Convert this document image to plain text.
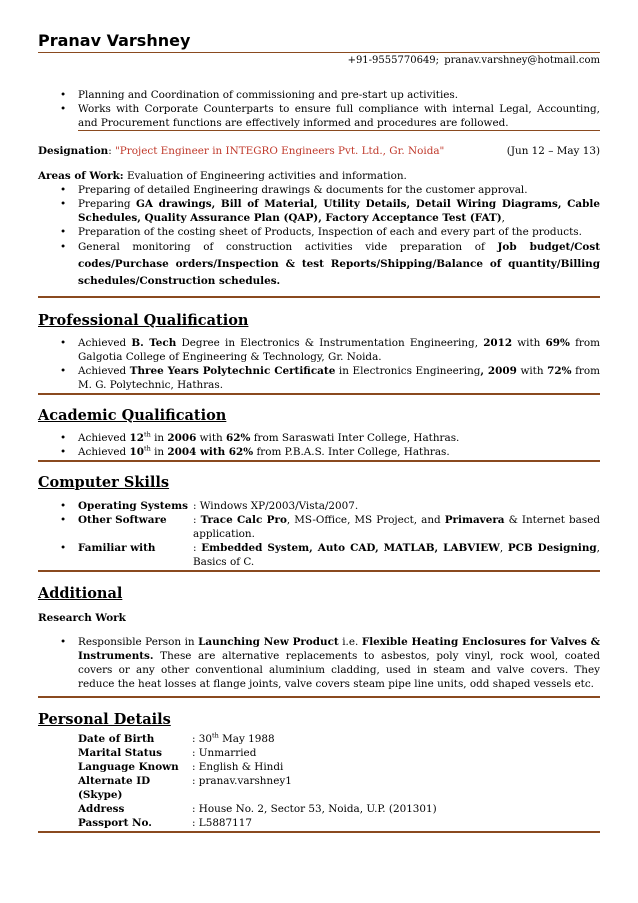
Pranav Varshney
+91-9555770649; pranav.varshney@hotmail.com
• Planning and Coordination of commissioning and pre-start up activities.
• Works with Corporate Counterparts to ensure full compliance with internal Legal, Accounting, and Procurement functions are effectively informed and procedures are followed.
Designation: "Project Engineer in INTEGRO Engineers Pvt. Ltd., Gr. Noida"	(Jun 12 – May 13)
Areas of Work: Evaluation of Engineering activities and information.
• Preparing of detailed Engineering drawings & documents for the customer approval.
• Preparing GA drawings, Bill of Material, Utility Details, Detail Wiring Diagrams, Cable Schedules, Quality Assurance Plan (QAP), Factory Acceptance Test (FAT),
• Preparation of the costing sheet of Products, Inspection of each and every part of the products.
• General monitoring of construction activities vide preparation of Job budget/Cost codes/Purchase orders/Inspection & test Reports/Shipping/Balance of quantity/Billing schedules/Construction schedules.
Professional Qualification
• Achieved B. Tech Degree in Electronics & Instrumentation Engineering, 2012 with 69% from Galgotia College of Engineering & Technology, Gr. Noida.
• Achieved Three Years Polytechnic Certificate in Electronics Engineering, 2009 with 72% from M. G. Polytechnic, Hathras.
Academic Qualification
• Achieved 12th in 2006 with 62% from Saraswati Inter College, Hathras.
• Achieved 10th in 2004 with 62% from P.B.A.S. Inter College, Hathras.
Computer Skills
• Operating Systems : Windows XP/2003/Vista/2007.
• Other Software	: Trace Calc Pro, MS-Office, MS Project, and Primavera & Internet based application.
• Familiar with	: Embedded System, Auto CAD, MATLAB, LABVIEW, PCB Designing, Basics of C.
Additional
Research Work
• Responsible Person in Launching New Product i.e. Flexible Heating Enclosures for Valves & Instruments. These are alternative replacements to asbestos, poly vinyl, rock wool, coated covers or any other conventional aluminium cladding, used in steam and valve covers. They reduce the heat losses at flange joints, valve covers steam pipe line units, odd shaped vessels etc.
Personal Details
Date of Birth	: 30th May 1988
Marital Status	: Unmarried
Language Known	: English & Hindi
Alternate ID (Skype)
: pranav.varshney1
Address	: House No. 2, Sector 53, Noida, U.P. (201301)
Passport No.	: L5887117
